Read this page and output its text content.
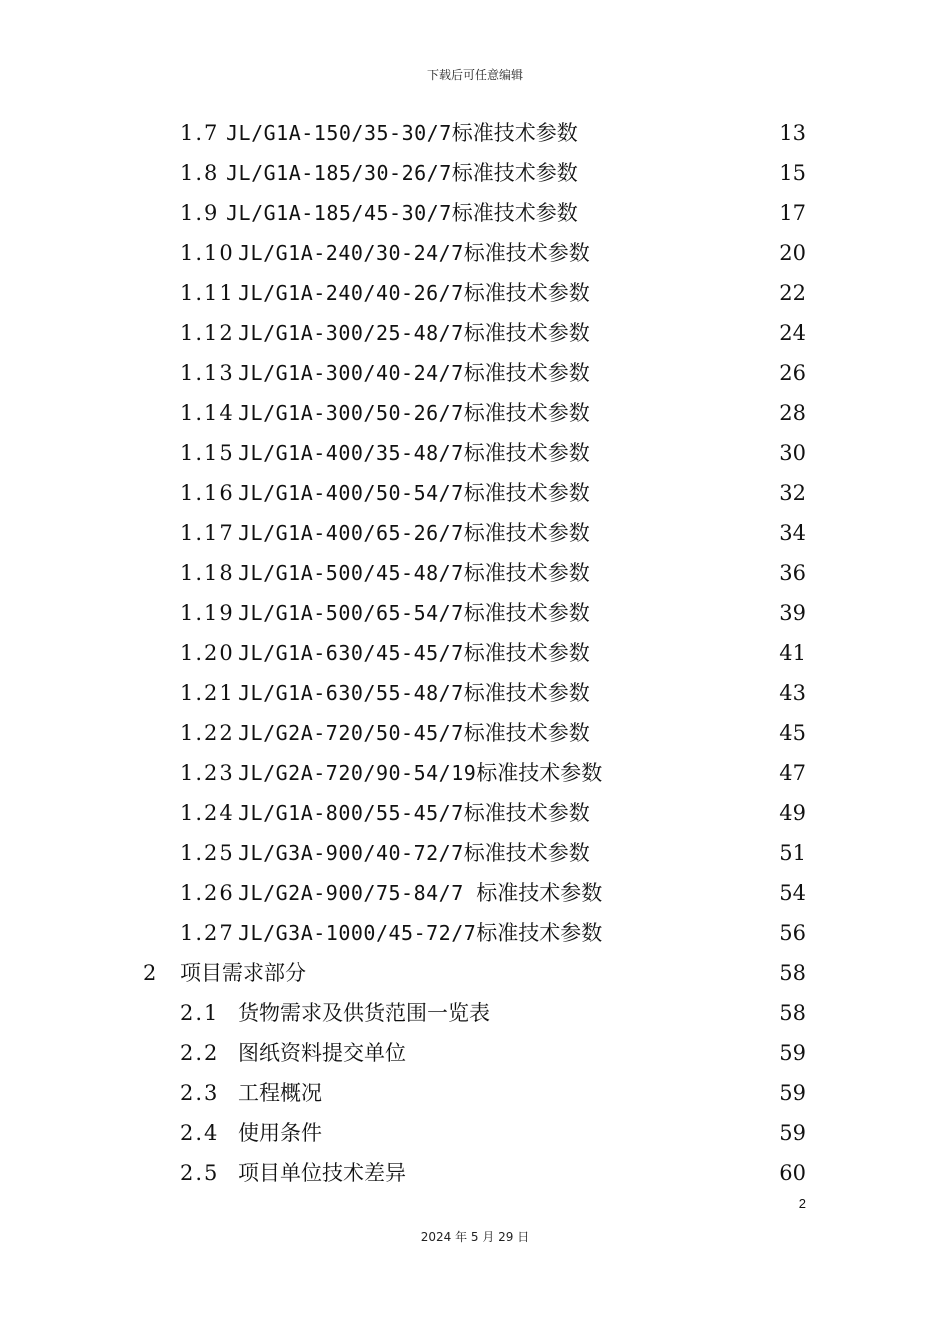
下载后可任意编辑
1.7 JL/G1A-150/35-30/7标准技术参数	13
1.8 JL/G1A-185/30-26/7标准技术参数	15
1.9 JL/G1A-185/45-30/7标准技术参数	17
1.10 JL/G1A-240/30-24/7标准技术参数	20
1.11 JL/G1A-240/40-26/7标准技术参数	22
1.12 JL/G1A-300/25-48/7标准技术参数	24
1.13 JL/G1A-300/40-24/7标准技术参数	26
1.14 JL/G1A-300/50-26/7标准技术参数	28
1.15 JL/G1A-400/35-48/7标准技术参数	30
1.16 JL/G1A-400/50-54/7标准技术参数	32
1.17 JL/G1A-400/65-26/7标准技术参数	34
1.18 JL/G1A-500/45-48/7标准技术参数	36
1.19 JL/G1A-500/65-54/7标准技术参数	39
1.20 JL/G1A-630/45-45/7标准技术参数	41
1.21 JL/G1A-630/55-48/7标准技术参数	43
1.22 JL/G2A-720/50-45/7标准技术参数	45
1.23 JL/G2A-720/90-54/19标准技术参数	47
1.24 JL/G1A-800/55-45/7标准技术参数	49
1.25 JL/G3A-900/40-72/7标准技术参数	51
1.26 JL/G2A-900/75-84/7 标准技术参数	54
1.27 JL/G3A-1000/45-72/7标准技术参数	56
2 项目需求部分	58
2.1 货物需求及供货范围一览表	58
2.2 图纸资料提交单位	59
2.3 工程概况	59
2.4 使用条件	59
2.5 项目单位技术差异	60
2
2024 年 5 月 29 日
